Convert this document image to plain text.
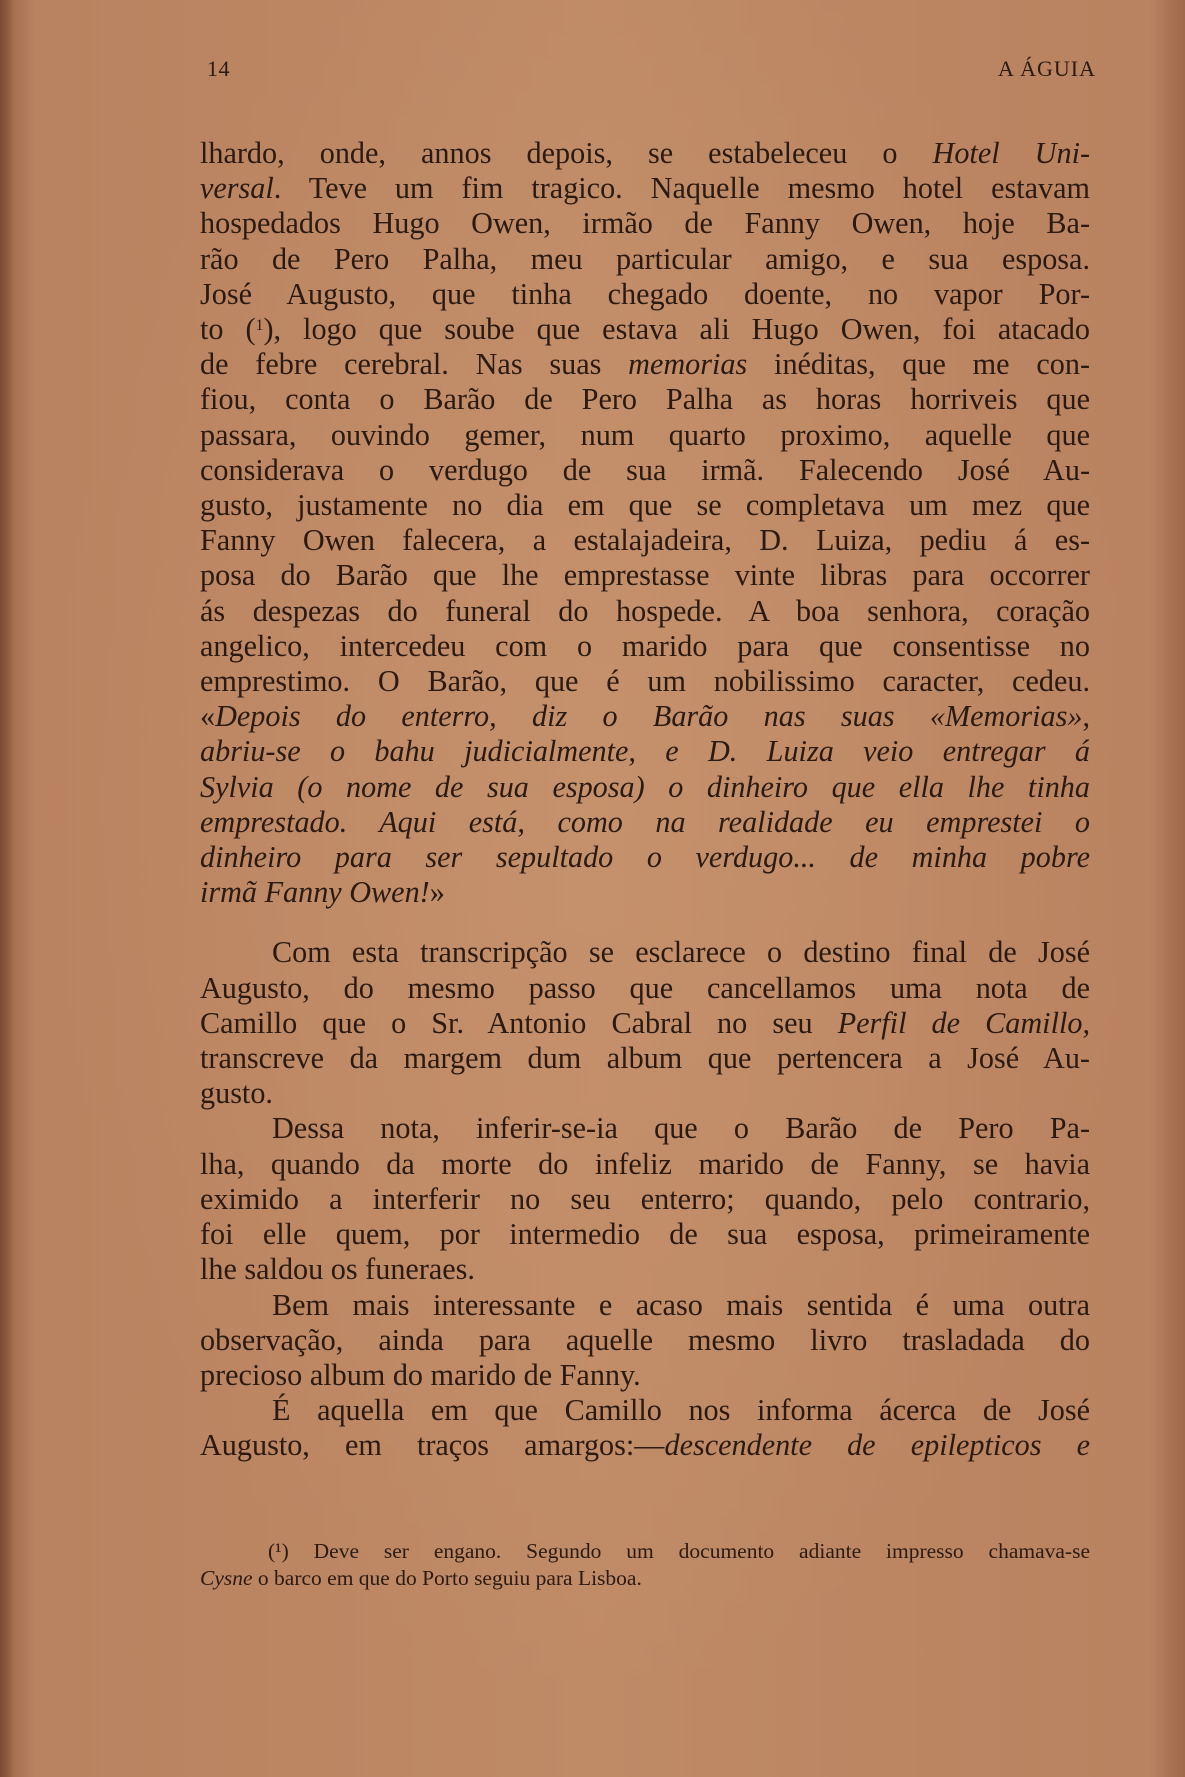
14	A ÁGUIA
lhardo, onde, annos depois, se estabeleceu o Hotel Uni-
versal. Teve um fim tragico. Naquelle mesmo hotel estavam
hospedados Hugo Owen, irmão de Fanny Owen, hoje Ba-
rão de Pero Palha, meu particular amigo, e sua esposa.
José Augusto, que tinha chegado doente, no vapor Por-
to ($^1$), logo que soube que estava ali Hugo Owen, foi atacado
de febre cerebral. Nas suas memorias inéditas, que me con-
fiou, conta o Barão de Pero Palha as horas horriveis que
passara, ouvindo gemer, num quarto proximo, aquelle que
considerava o verdugo de sua irmã. Falecendo José Au-
gusto, justamente no dia em que se completava um mez que
Fanny Owen falecera, a estalajadeira, D. Luiza, pediu á es-
posa do Barão que lhe emprestasse vinte libras para occorrer
ás despezas do funeral do hospede. A boa senhora, coração
angelico, intercedeu com o marido para que consentisse no
emprestimo. O Barão, que é um nobilissimo caracter, cedeu.
«Depois do enterro, diz o Barão nas suas «Memorias»,
abriu-se o bahu judicialmente, e D. Luiza veio entregar á
Sylvia (o nome de sua esposa) o dinheiro que ella lhe tinha
emprestado. Aqui está, como na realidade eu emprestei o
dinheiro para ser sepultado o verdugo... de minha pobre
irmã Fanny Owen!»
Com esta transcripção se esclarece o destino final de José
Augusto, do mesmo passo que cancellamos uma nota de
Camillo que o Sr. Antonio Cabral no seu Perfil de Camillo,
transcreve da margem dum album que pertencera a José Au-
gusto.
Dessa nota, inferir-se-ia que o Barão de Pero Pa-
lha, quando da morte do infeliz marido de Fanny, se havia
eximido a interferir no seu enterro; quando, pelo contrario,
foi elle quem, por intermedio de sua esposa, primeiramente
lhe saldou os funeraes.
Bem mais interessante e acaso mais sentida é uma outra
observação, ainda para aquelle mesmo livro trasladada do
precioso album do marido de Fanny.
É aquella em que Camillo nos informa ácerca de José
Augusto, em traços amargos:—descendente de epilepticos e
(¹) Deve ser engano. Segundo um documento adiante impresso chamava-se
Cysne o barco em que do Porto seguiu para Lisboa.
